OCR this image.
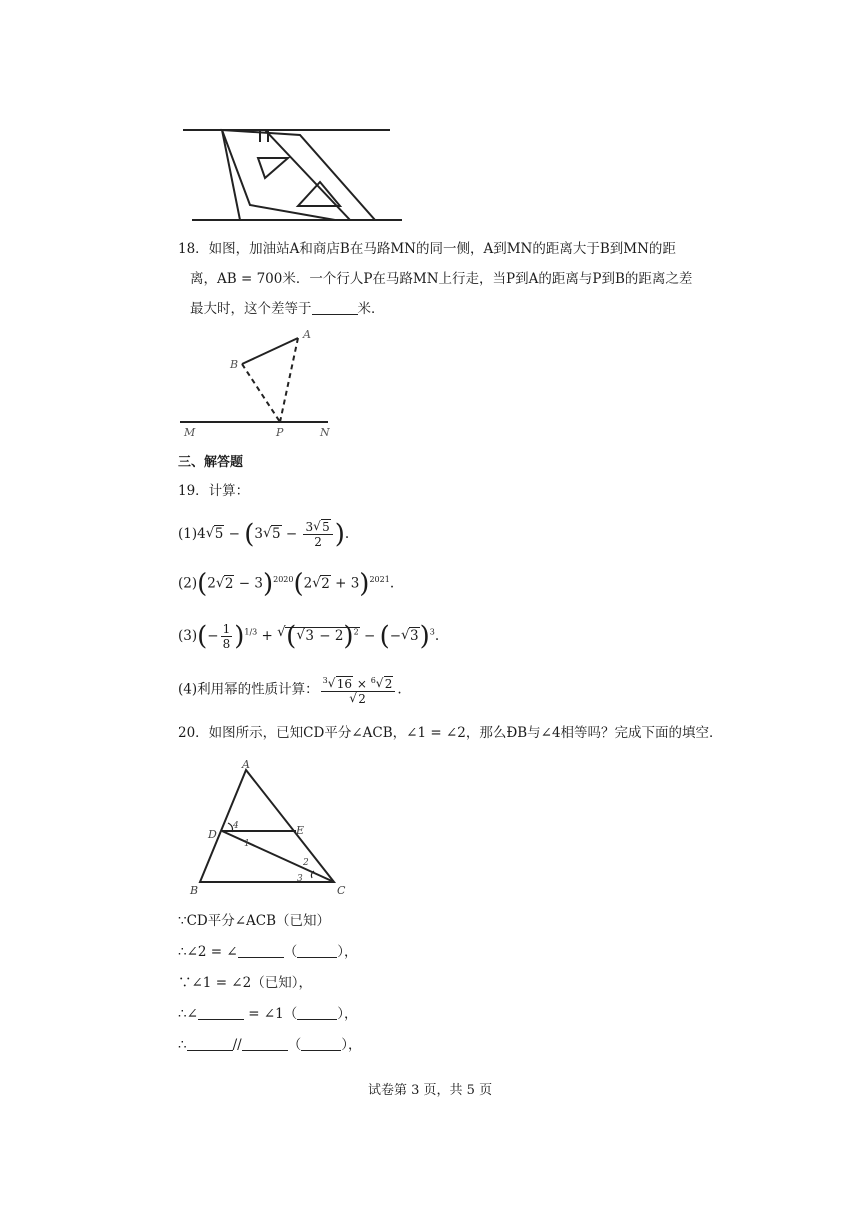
18．如图，加油站A和商店B在马路MN的同一侧，A到MN的距离大于B到MN的距
离，AB = 700米．一个行人P在马路MN上行走，当P到A的距离与P到B的距离之差
最大时，这个差等于	米．
A
B
M	P	N
三、解答题
19．计算：
(1)4 √ 5 − (3 √ $5 - \frac{3 √ 5}{2}$ ).
(2)(2 √ 2 − 3)$^{2020}$(2 √ 2 + 3)$^{2021}$.
$(3)(- \frac{1}{8} )^{1/3}$ + √ ( √ 3 − 2)$^2$ − (− √ 3)$^3$.
(4)利用幂的性质计算： $^3$ √ 16 × $^6$ √ 2
√ 2 .
20．如图所示，已知CD平分∠ACB，∠1 = ∠2，那么ÐB与∠4相等吗？完成下面的填空．
A
B	C
D	E
4
1
2
3
∵CD平分∠ACB（已知）
∴∠2 = ∠	（	），
∵∠1 = ∠2（已知），
∴∠	= ∠1（	），
∴	//	（	），
试卷第 3 页，共 5 页
